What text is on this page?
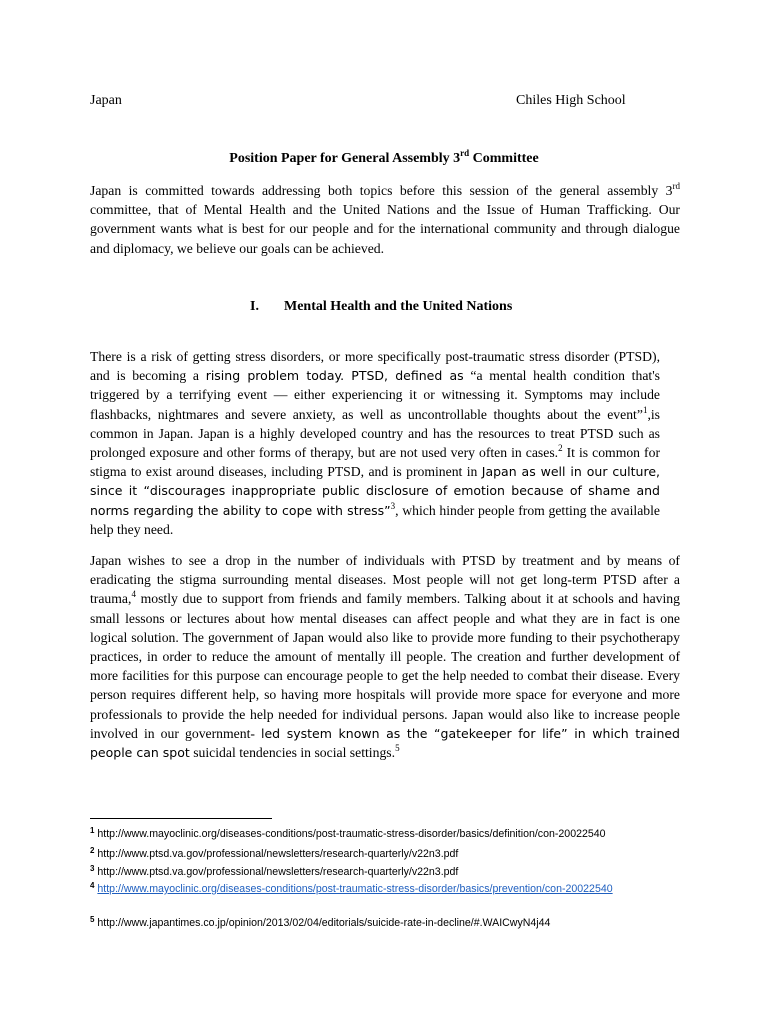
Japan	Chiles High School
Position Paper for General Assembly 3rd Committee
Japan is committed towards addressing both topics before this session of the general assembly 3rd committee, that of Mental Health and the United Nations and the Issue of Human Trafficking. Our government wants what is best for our people and for the international community and through dialogue and diplomacy, we believe our goals can be achieved.
I. Mental Health and the United Nations
There is a risk of getting stress disorders, or more specifically post-traumatic stress disorder (PTSD), and is becoming a rising problem today. PTSD, defined as “a mental health condition that's triggered by a terrifying event — either experiencing it or witnessing it. Symptoms may include flashbacks, nightmares and severe anxiety, as well as uncontrollable thoughts about the event”$^1$,is common in Japan. Japan is a highly developed country and has the resources to treat PTSD such as prolonged exposure and other forms of therapy, but are not used very often in cases.$^2$ It is common for stigma to exist around diseases, including PTSD, and is prominent in Japan as well in our culture, since it “discourages inappropriate public disclosure of emotion because of shame and norms regarding the ability to cope with stress”$^3$, which hinder people from getting the available help they need.
Japan wishes to see a drop in the number of individuals with PTSD by treatment and by means of eradicating the stigma surrounding mental diseases. Most people will not get long-term PTSD after a trauma,$^4$ mostly due to support from friends and family members. Talking about it at schools and having small lessons or lectures about how mental diseases can affect people and what they are in fact is one logical solution. The government of Japan would also like to provide more funding to their psychotherapy practices, in order to reduce the amount of mentally ill people. The creation and further development of more facilities for this purpose can encourage people to get the help needed to combat their disease. Every person requires different help, so having more hospitals will provide more space for everyone and more professionals to provide the help needed for individual persons. Japan would also like to increase people involved in our government- led system known as the “gatekeeper for life” in which trained people can spot suicidal tendencies in social settings.$^5$
$^1$ http://www.mayoclinic.org/diseases-conditions/post-traumatic-stress-disorder/basics/definition/con-20022540
$^2$ http://www.ptsd.va.gov/professional/newsletters/research-quarterly/v22n3.pdf
$^3$ http://www.ptsd.va.gov/professional/newsletters/research-quarterly/v22n3.pdf
$^4$ http://www.mayoclinic.org/diseases-conditions/post-traumatic-stress-disorder/basics/prevention/con-20022540
$^5$ http://www.japantimes.co.jp/opinion/2013/02/04/editorials/suicide-rate-in-decline/#.WAICwyN4j44
